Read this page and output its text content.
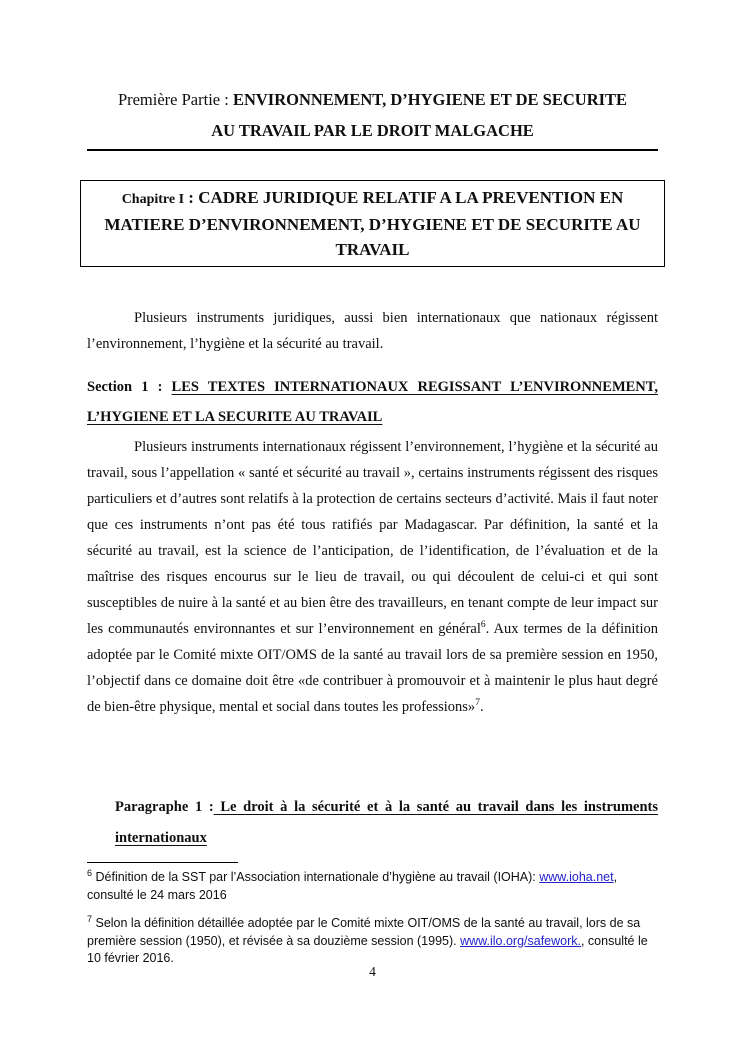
Première Partie : ENVIRONNEMENT, D’HYGIENE ET DE SECURITE
AU TRAVAIL PAR LE DROIT MALGACHE
Chapitre I : CADRE JURIDIQUE RELATIF A LA PREVENTION EN MATIERE D’ENVIRONNEMENT, D’HYGIENE ET DE SECURITE AU TRAVAIL

Plusieurs instruments juridiques, aussi bien internationaux que nationaux régissent l’environnement, l’hygiène et la sécurité au travail.

Section 1 : LES TEXTES INTERNATIONAUX REGISSANT L’ENVIRONNEMENT, L’HYGIENE ET LA SECURITE AU TRAVAIL

Plusieurs instruments internationaux régissent l’environnement, l’hygiène et la sécurité au travail, sous l’appellation « santé et sécurité au travail », certains instruments régissent des risques particuliers et d’autres sont relatifs à la protection de certains secteurs d’activité. Mais il faut noter que ces instruments n’ont pas été tous ratifiés par Madagascar. Par définition, la santé et la sécurité au travail, est la science de l’anticipation, de l’identification, de l’évaluation et de la maîtrise des risques encourus sur le lieu de travail, ou qui découlent de celui-ci et qui sont susceptibles de nuire à la santé et au bien être des travailleurs, en tenant compte de leur impact sur les communautés environnantes et sur l’environnement en général$^6$. Aux termes de la définition adoptée par le Comité mixte OIT/OMS de la santé au travail lors de sa première session en 1950, l’objectif dans ce domaine doit être «de contribuer à promouvoir et à maintenir le plus haut degré de bien-être physique, mental et social dans toutes les professions»$^7$.

Paragraphe 1 : Le droit à la sécurité et à la santé au travail dans les instruments internationaux

$^6$ Définition de la SST par l’Association internationale d’hygiène au travail (IOHA): www.ioha.net, consulté le 24 mars 2016

$^7$ Selon la définition détaillée adoptée par le Comité mixte OIT/OMS de la santé au travail, lors de sa première session (1950), et révisée à sa douzième session (1995). www.ilo.org/safework., consulté le 10 février 2016.

4
